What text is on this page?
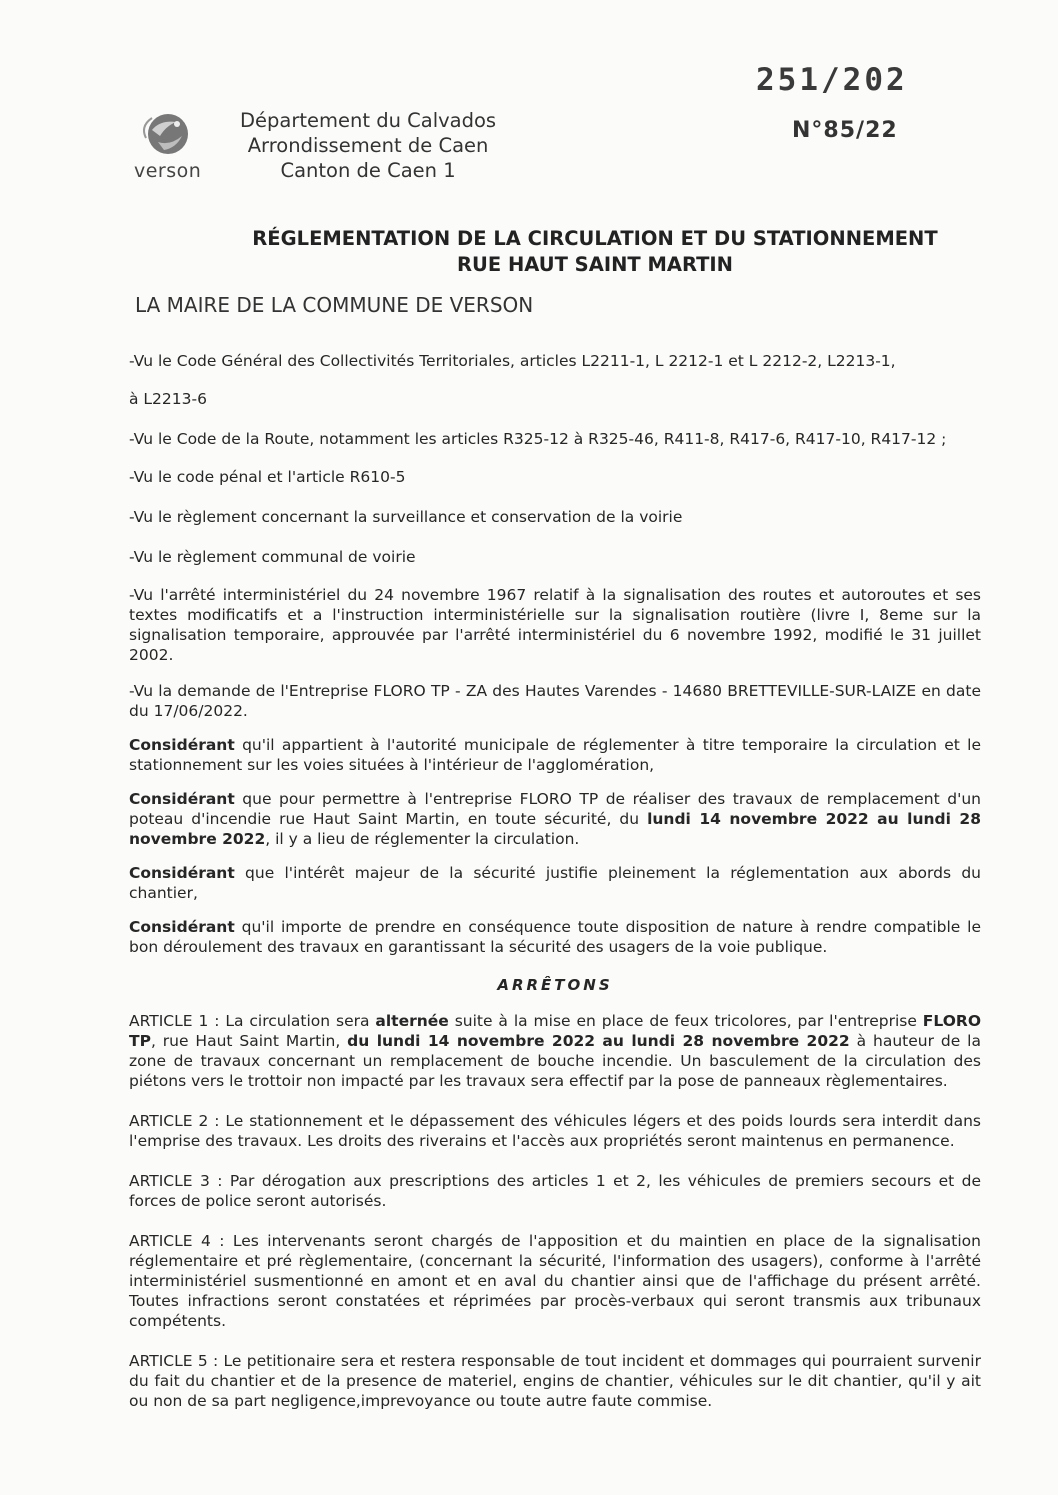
verson
Département du Calvados
Arrondissement de Caen
Canton de Caen 1
251/202
N°85/22
RÉGLEMENTATION DE LA CIRCULATION ET DU STATIONNEMENT
RUE HAUT SAINT MARTIN
LA MAIRE DE LA COMMUNE DE VERSON

-Vu le Code Général des Collectivités Territoriales, articles L2211-1, L 2212-1 et L 2212-2, L2213-1,

à L2213-6

-Vu le Code de la Route, notamment les articles R325-12 à R325-46, R411-8, R417-6, R417-10, R417-12 ;

-Vu le code pénal et l'article R610-5

-Vu le règlement concernant la surveillance et conservation de la voirie

-Vu le règlement communal de voirie

-Vu l'arrêté interministériel du 24 novembre 1967 relatif à la signalisation des routes et autoroutes et ses textes modificatifs et a l'instruction interministérielle sur la signalisation routière (livre I, 8eme sur la signalisation temporaire, approuvée par l'arrêté interministériel du 6 novembre 1992, modifié le 31 juillet 2002.

-Vu la demande de l'Entreprise FLORO TP - ZA des Hautes Varendes - 14680 BRETTEVILLE-SUR-LAIZE en date du 17/06/2022.

Considérant qu'il appartient à l'autorité municipale de réglementer à titre temporaire la circulation et le stationnement sur les voies situées à l'intérieur de l'agglomération,

Considérant que pour permettre à l'entreprise FLORO TP de réaliser des travaux de remplacement d'un poteau d'incendie rue Haut Saint Martin, en toute sécurité, du lundi 14 novembre 2022 au lundi 28 novembre 2022, il y a lieu de réglementer la circulation.

Considérant que l'intérêt majeur de la sécurité justifie pleinement la réglementation aux abords du chantier,

Considérant qu'il importe de prendre en conséquence toute disposition de nature à rendre compatible le bon déroulement des travaux en garantissant la sécurité des usagers de la voie publique.

ARRÊTONS

ARTICLE 1 : La circulation sera alternée suite à la mise en place de feux tricolores, par l'entreprise FLORO TP, rue Haut Saint Martin, du lundi 14 novembre 2022 au lundi 28 novembre 2022 à hauteur de la zone de travaux concernant un remplacement de bouche incendie. Un basculement de la circulation des piétons vers le trottoir non impacté par les travaux sera effectif par la pose de panneaux règlementaires.

ARTICLE 2 : Le stationnement et le dépassement des véhicules légers et des poids lourds sera interdit dans l'emprise des travaux. Les droits des riverains et l'accès aux propriétés seront maintenus en permanence.

ARTICLE 3 : Par dérogation aux prescriptions des articles 1 et 2, les véhicules de premiers secours et de forces de police seront autorisés.

ARTICLE 4 : Les intervenants seront chargés de l'apposition et du maintien en place de la signalisation réglementaire et pré règlementaire, (concernant la sécurité, l'information des usagers), conforme à l'arrêté interministériel susmentionné en amont et en aval du chantier ainsi que de l'affichage du présent arrêté. Toutes infractions seront constatées et réprimées par procès-verbaux qui seront transmis aux tribunaux compétents.

ARTICLE 5 : Le petitionaire sera et restera responsable de tout incident et dommages qui pourraient survenir du fait du chantier et de la presence de materiel, engins de chantier, véhicules sur le dit chantier, qu'il y ait ou non de sa part negligence,imprevoyance ou toute autre faute commise.
